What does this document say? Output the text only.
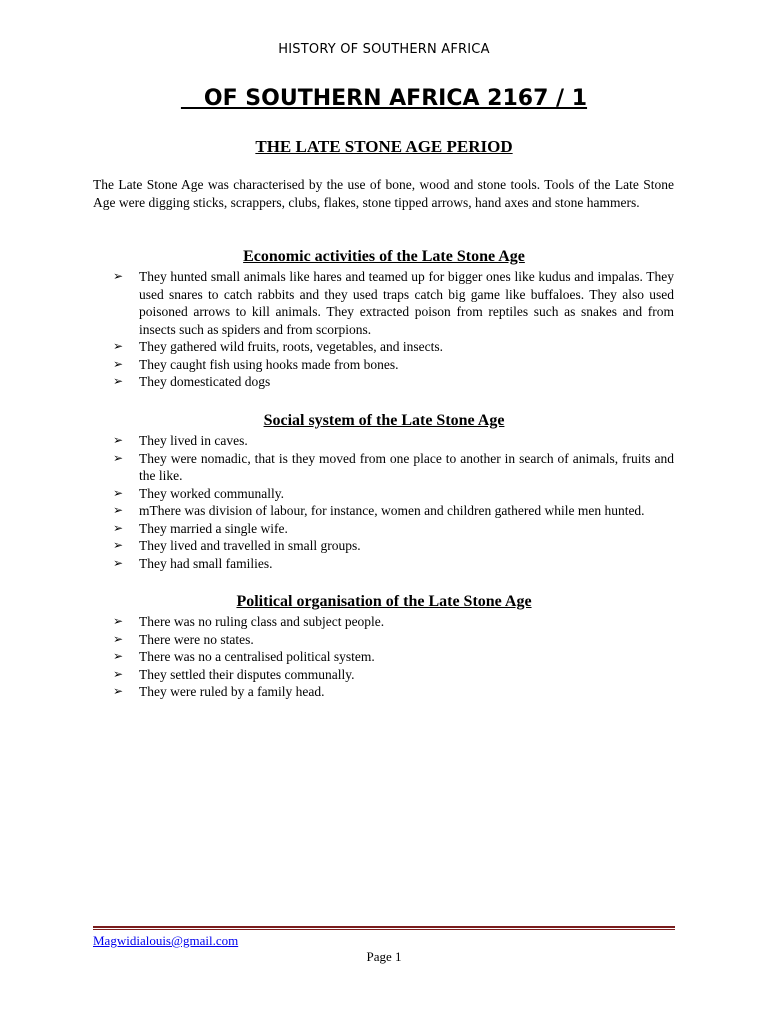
HISTORY OF SOUTHERN AFRICA
OF SOUTHERN AFRICA 2167 / 1
THE LATE STONE AGE PERIOD
The Late Stone Age was characterised by the use of bone, wood and stone tools. Tools of the Late Stone Age were digging sticks, scrappers, clubs, flakes, stone tipped arrows, hand axes and stone hammers.
Economic activities of the Late Stone Age
➢ They hunted small animals like hares and teamed up for bigger ones like kudus and impalas. They used snares to catch rabbits and they used traps catch big game like buffaloes. They also used poisoned arrows to kill animals. They extracted poison from reptiles such as snakes and from insects such as spiders and from scorpions.
➢ They gathered wild fruits, roots, vegetables, and insects.
➢ They caught fish using hooks made from bones.
➢ They domesticated dogs
Social system of the Late Stone Age
➢ They lived in caves.
➢ They were nomadic, that is they moved from one place to another in search of animals, fruits and the like.
➢ They worked communally.
➢ mThere was division of labour, for instance, women and children gathered while men hunted.
➢ They married a single wife.
➢ They lived and travelled in small groups.
➢ They had small families.
Political organisation of the Late Stone Age
➢ There was no ruling class and subject people.
➢ There were no states.
➢ There was no a centralised political system.
➢ They settled their disputes communally.
➢ They were ruled by a family head.
Magwidialouis@gmail.com
Page 1
